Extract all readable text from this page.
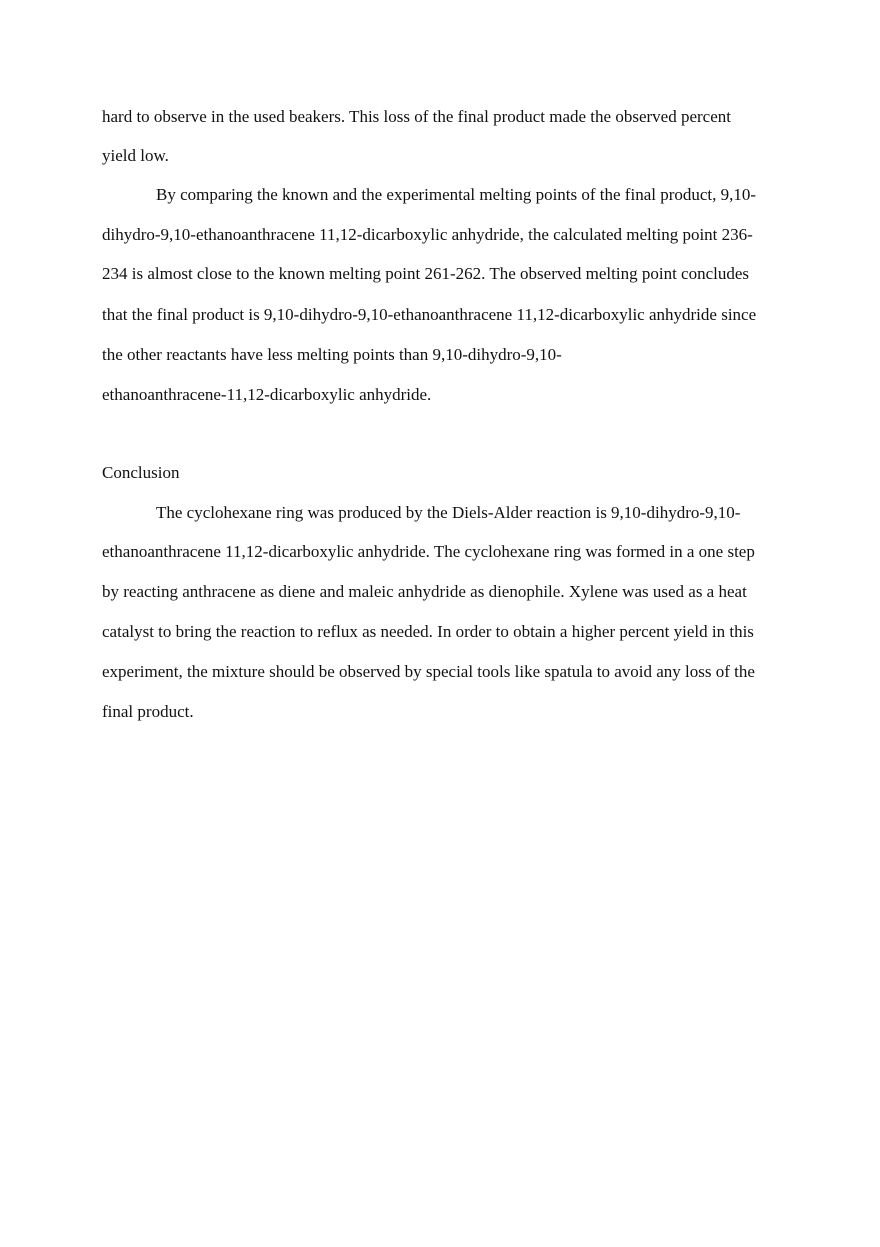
hard to observe in the used beakers. This loss of the final product made the observed percent

yield low.

By comparing the known and the experimental melting points of the final product, 9,10-

dihydro-9,10-ethanoanthracene 11,12-dicarboxylic anhydride, the calculated melting point 236-

234 is almost close to the known melting point 261-262. The observed melting point concludes

that the final product is 9,10-dihydro-9,10-ethanoanthracene 11,12-dicarboxylic anhydride since

the other reactants have less melting points than 9,10-dihydro-9,10-

ethanoanthracene-11,12-dicarboxylic anhydride.

Conclusion

The cyclohexane ring was produced by the Diels-Alder reaction is 9,10-dihydro-9,10-

ethanoanthracene 11,12-dicarboxylic anhydride. The cyclohexane ring was formed in a one step

by reacting anthracene as diene and maleic anhydride as dienophile. Xylene was used as a heat

catalyst to bring the reaction to reflux as needed. In order to obtain a higher percent yield in this

experiment, the mixture should be observed by special tools like spatula to avoid any loss of the

final product.
